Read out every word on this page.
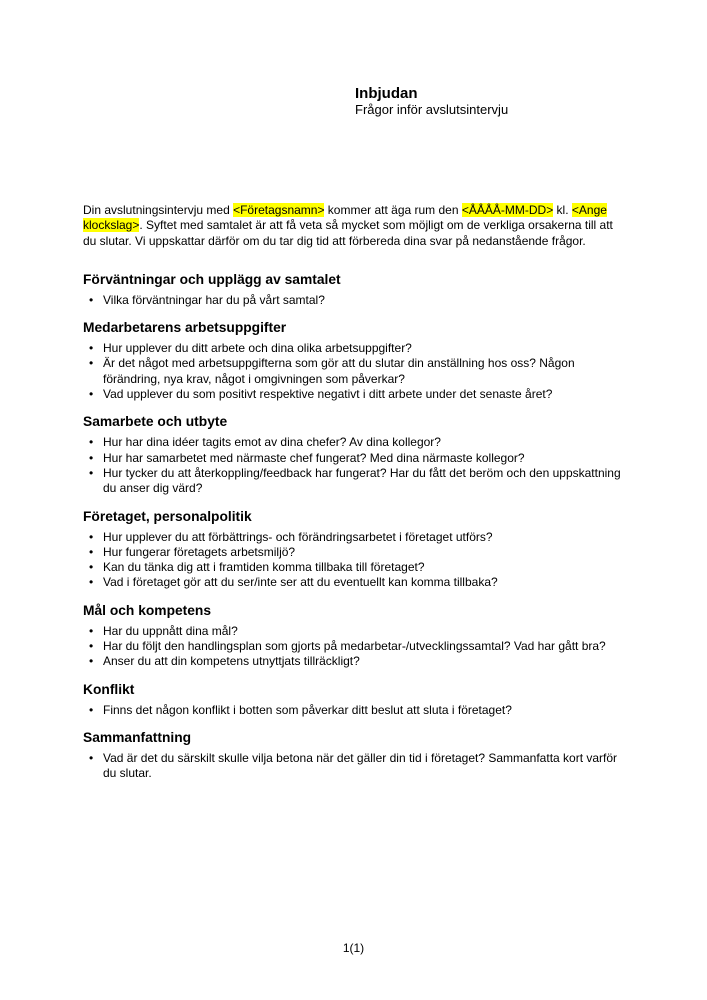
Inbjudan

Frågor inför avslutsintervju

Din avslutningsintervju med <Företagsnamn> kommer att äga rum den <ÅÅÅÅ-MM-DD> kl. <Ange klockslag>. Syftet med samtalet är att få veta så mycket som möjligt om de verkliga orsakerna till att du slutar. Vi uppskattar därför om du tar dig tid att förbereda dina svar på nedanstående frågor.

Förväntningar och upplägg av samtalet
• Vilka förväntningar har du på vårt samtal?
Medarbetarens arbetsuppgifter
• Hur upplever du ditt arbete och dina olika arbetsuppgifter?
• Är det något med arbetsuppgifterna som gör att du slutar din anställning hos oss? Någon förändring, nya krav, något i omgivningen som påverkar?
• Vad upplever du som positivt respektive negativt i ditt arbete under det senaste året?
Samarbete och utbyte
• Hur har dina idéer tagits emot av dina chefer? Av dina kollegor?
• Hur har samarbetet med närmaste chef fungerat? Med dina närmaste kollegor?
• Hur tycker du att återkoppling/feedback har fungerat? Har du fått det beröm och den uppskattning du anser dig värd?
Företaget, personalpolitik
• Hur upplever du att förbättrings- och förändringsarbetet i företaget utförs?
• Hur fungerar företagets arbetsmiljö?
• Kan du tänka dig att i framtiden komma tillbaka till företaget?
• Vad i företaget gör att du ser/inte ser att du eventuellt kan komma tillbaka?
Mål och kompetens
• Har du uppnått dina mål?
• Har du följt den handlingsplan som gjorts på medarbetar-/utvecklingssamtal? Vad har gått bra?
• Anser du att din kompetens utnyttjats tillräckligt?
Konflikt
• Finns det någon konflikt i botten som påverkar ditt beslut att sluta i företaget?
Sammanfattning
• Vad är det du särskilt skulle vilja betona när det gäller din tid i företaget? Sammanfatta kort varför du slutar.
1(1)
